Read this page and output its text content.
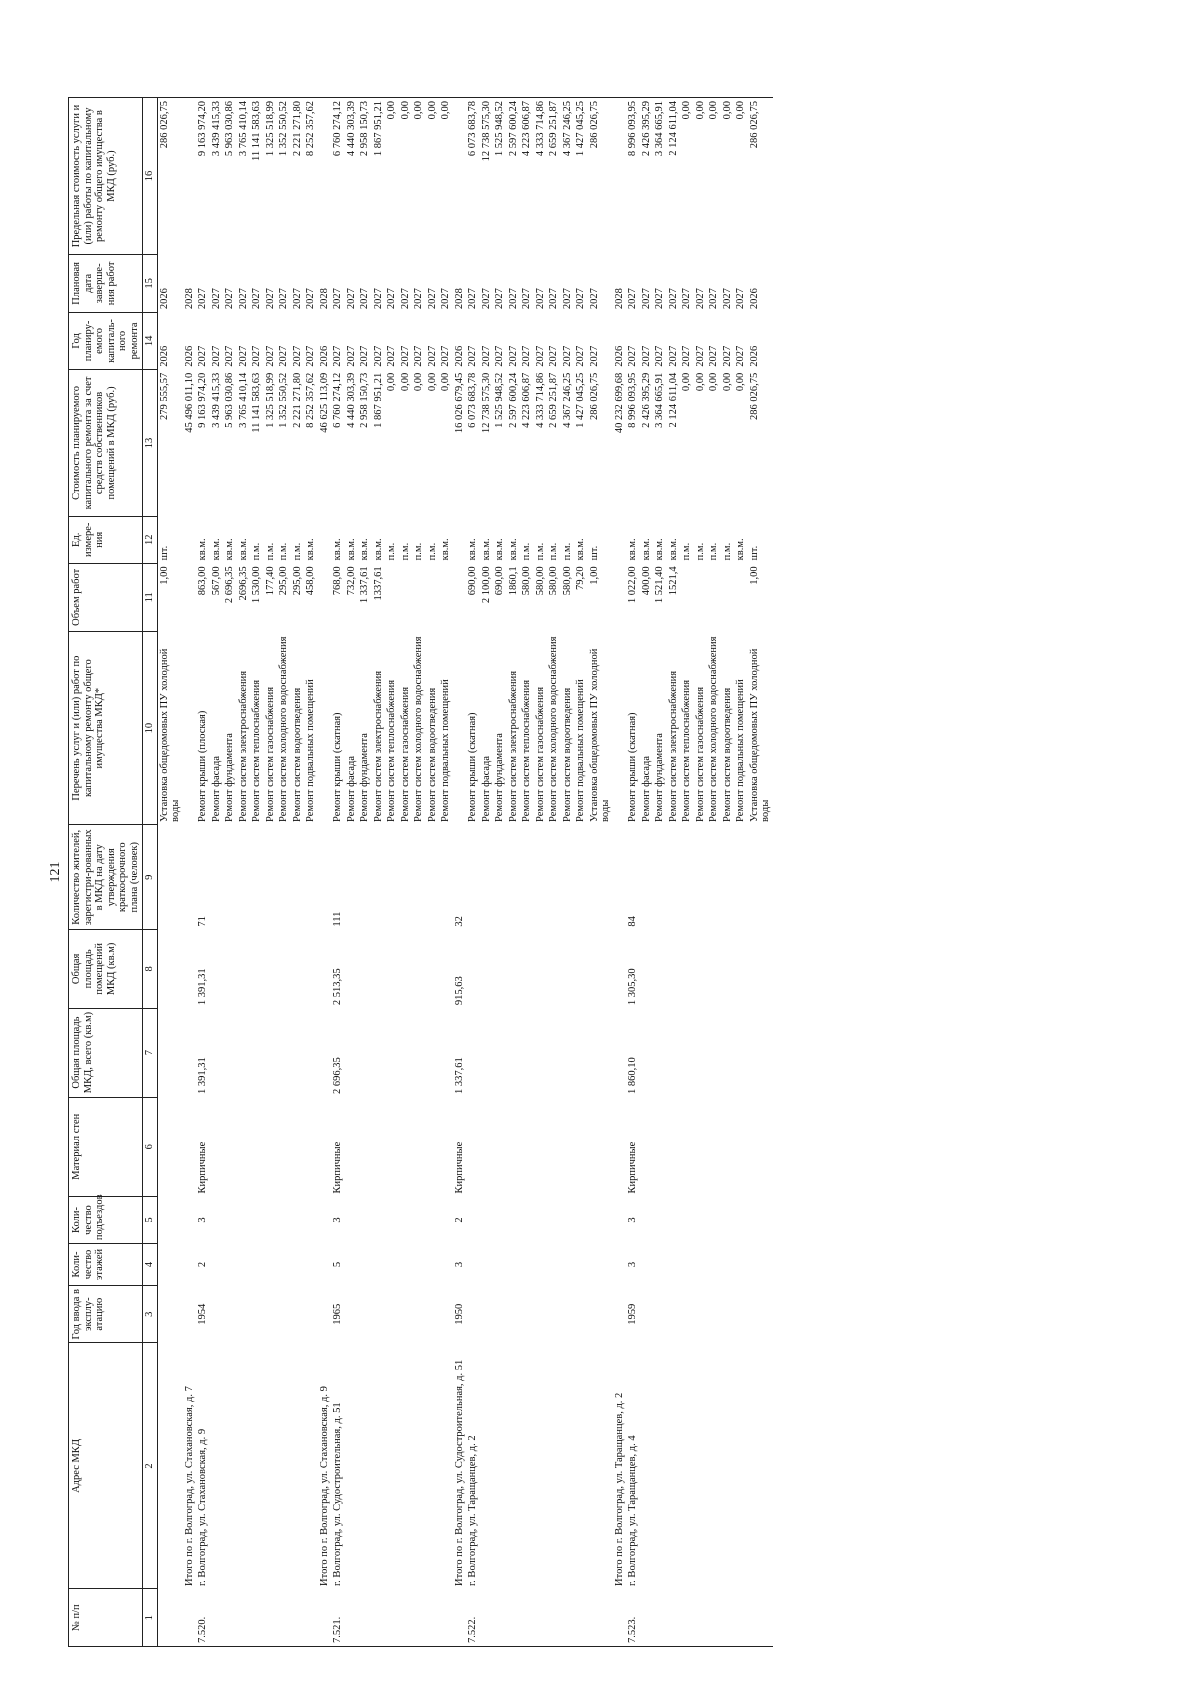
121
№ п/п	Адрес МКД	Год ввода в эксплу-атацию	Коли-чество этажей	Коли-чество подъездов	Материал стен	Общая площадь МКД, всего (кв.м)	Общая площадь помещений МКД (кв.м)	Количество жителей, зарегистри-рованных в МКД на дату утверждения краткосрочного плана (человек)	Перечень услуг и (или) работ по капитальному ремонту общего имущества МКД*	Объем работ	Ед. измере-ния	Стоимость планируемого капитального ремонта за счет средств собственников помещений в МКД (руб.)	Год планиру-емого капиталь-ного ремонта	Плановая дата заверше-ния работ	Предельная стоимость услуги и (или) работы по капитальному ремонту общего имущества в МКД (руб.)
1	2	3	4	5	6	7	8	9	10	11	12	13	14	15	16
									Установка общедомовых ПУ холодной воды	1,00	шт.	279 555,57	2026	2026	286 026,75
	Итого по г. Волгоград, ул. Стахановская, д. 7											45 496 011,10	2026	2028	
7.520.	г. Волгоград, ул. Стахановская, д. 9	1954	2	3	Кирпичные	1 391,31	1 391,31	71	Ремонт крыши (плоская)	863,00	кв.м.	9 163 974,20	2027	2027	9 163 974,20
									Ремонт фасада	567,00	кв.м.	3 439 415,33	2027	2027	3 439 415,33
									Ремонт фундамента	2 696,35	кв.м.	5 963 030,86	2027	2027	5 963 030,86
									Ремонт систем электроснабжения	2696,35	кв.м.	3 765 410,14	2027	2027	3 765 410,14
									Ремонт систем теплоснабжения	1 530,00	п.м.	11 141 583,63	2027	2027	11 141 583,63
									Ремонт систем газоснабжения	177,40	п.м.	1 325 518,99	2027	2027	1 325 518,99
									Ремонт систем холодного водоснабжения	295,00	п.м.	1 352 550,52	2027	2027	1 352 550,52
									Ремонт систем водоотведения	295,00	п.м.	2 221 271,80	2027	2027	2 221 271,80
									Ремонт подвальных помещений	458,00	кв.м.	8 252 357,62	2027	2027	8 252 357,62
	Итого по г. Волгоград, ул. Стахановская, д. 9											46 625 113,09	2026	2028	
7.521.	г. Волгоград, ул. Судостроительная, д. 51	1965	5	3	Кирпичные	2 696,35	2 513,35	111	Ремонт крыши (скатная)	768,00	кв.м.	6 760 274,12	2027	2027	6 760 274,12
									Ремонт фасада	732,00	кв.м.	4 440 303,39	2027	2027	4 440 303,39
									Ремонт фундамента	1 337,61	кв.м.	2 958 150,73	2027	2027	2 958 150,73
									Ремонт систем электроснабжения	1337,61	кв.м.	1 867 951,21	2027	2027	1 867 951,21
									Ремонт систем теплоснабжения		п.м.	0,00	2027	2027	0,00
									Ремонт систем газоснабжения		п.м.	0,00	2027	2027	0,00
									Ремонт систем холодного водоснабжения		п.м.	0,00	2027	2027	0,00
									Ремонт систем водоотведения		п.м.	0,00	2027	2027	0,00
									Ремонт подвальных помещений		кв.м.	0,00	2027	2027	0,00
	Итого по г. Волгоград, ул. Судостроительная, д. 51	1950	3	2	Кирпичные	1 337,61	915,63	32				16 026 679,45	2026	2028	
7.522.	г. Волгоград, ул. Таращанцев, д. 2								Ремонт крыши (скатная)	690,00	кв.м.	6 073 683,78	2027	2027	6 073 683,78
									Ремонт фасада	2 100,00	кв.м.	12 738 575,30	2027	2027	12 738 575,30
									Ремонт фундамента	690,00	кв.м.	1 525 948,52	2027	2027	1 525 948,52
									Ремонт систем электроснабжения	1860,1	кв.м.	2 597 600,24	2027	2027	2 597 600,24
									Ремонт систем теплоснабжения	580,00	п.м.	4 223 606,87	2027	2027	4 223 606,87
									Ремонт систем газоснабжения	580,00	п.м.	4 333 714,86	2027	2027	4 333 714,86
									Ремонт систем холодного водоснабжения	580,00	п.м.	2 659 251,87	2027	2027	2 659 251,87
									Ремонт систем водоотведения	580,00	п.м.	4 367 246,25	2027	2027	4 367 246,25
									Ремонт подвальных помещений	79,20	кв.м.	1 427 045,25	2027	2027	1 427 045,25
									Установка общедомовых ПУ холодной воды	1,00	шт.	286 026,75	2027	2027	286 026,75
	Итого по г. Волгоград, ул. Таращанцев, д. 2											40 232 699,68	2026	2028	
7.523.	г. Волгоград, ул. Таращанцев, д. 4	1959	3	3	Кирпичные	1 860,10	1 305,30	84	Ремонт крыши (скатная)	1 022,00	кв.м.	8 996 093,95	2027	2027	8 996 093,95
									Ремонт фасада	400,00	кв.м.	2 426 395,29	2027	2027	2 426 395,29
									Ремонт фундамента	1 521,40	кв.м.	3 364 665,91	2027	2027	3 364 665,91
									Ремонт систем электроснабжения	1521,4	кв.м.	2 124 611,04	2027	2027	2 124 611,04
									Ремонт систем теплоснабжения		п.м.	0,00	2027	2027	0,00
									Ремонт систем газоснабжения		п.м.	0,00	2027	2027	0,00
									Ремонт систем холодного водоснабжения		п.м.	0,00	2027	2027	0,00
									Ремонт систем водоотведения		п.м.	0,00	2027	2027	0,00
									Ремонт подвальных помещений		кв.м.	0,00	2027	2027	0,00
									Установка общедомовых ПУ холодной воды	1,00	шт.	286 026,75	2026	2026	286 026,75
